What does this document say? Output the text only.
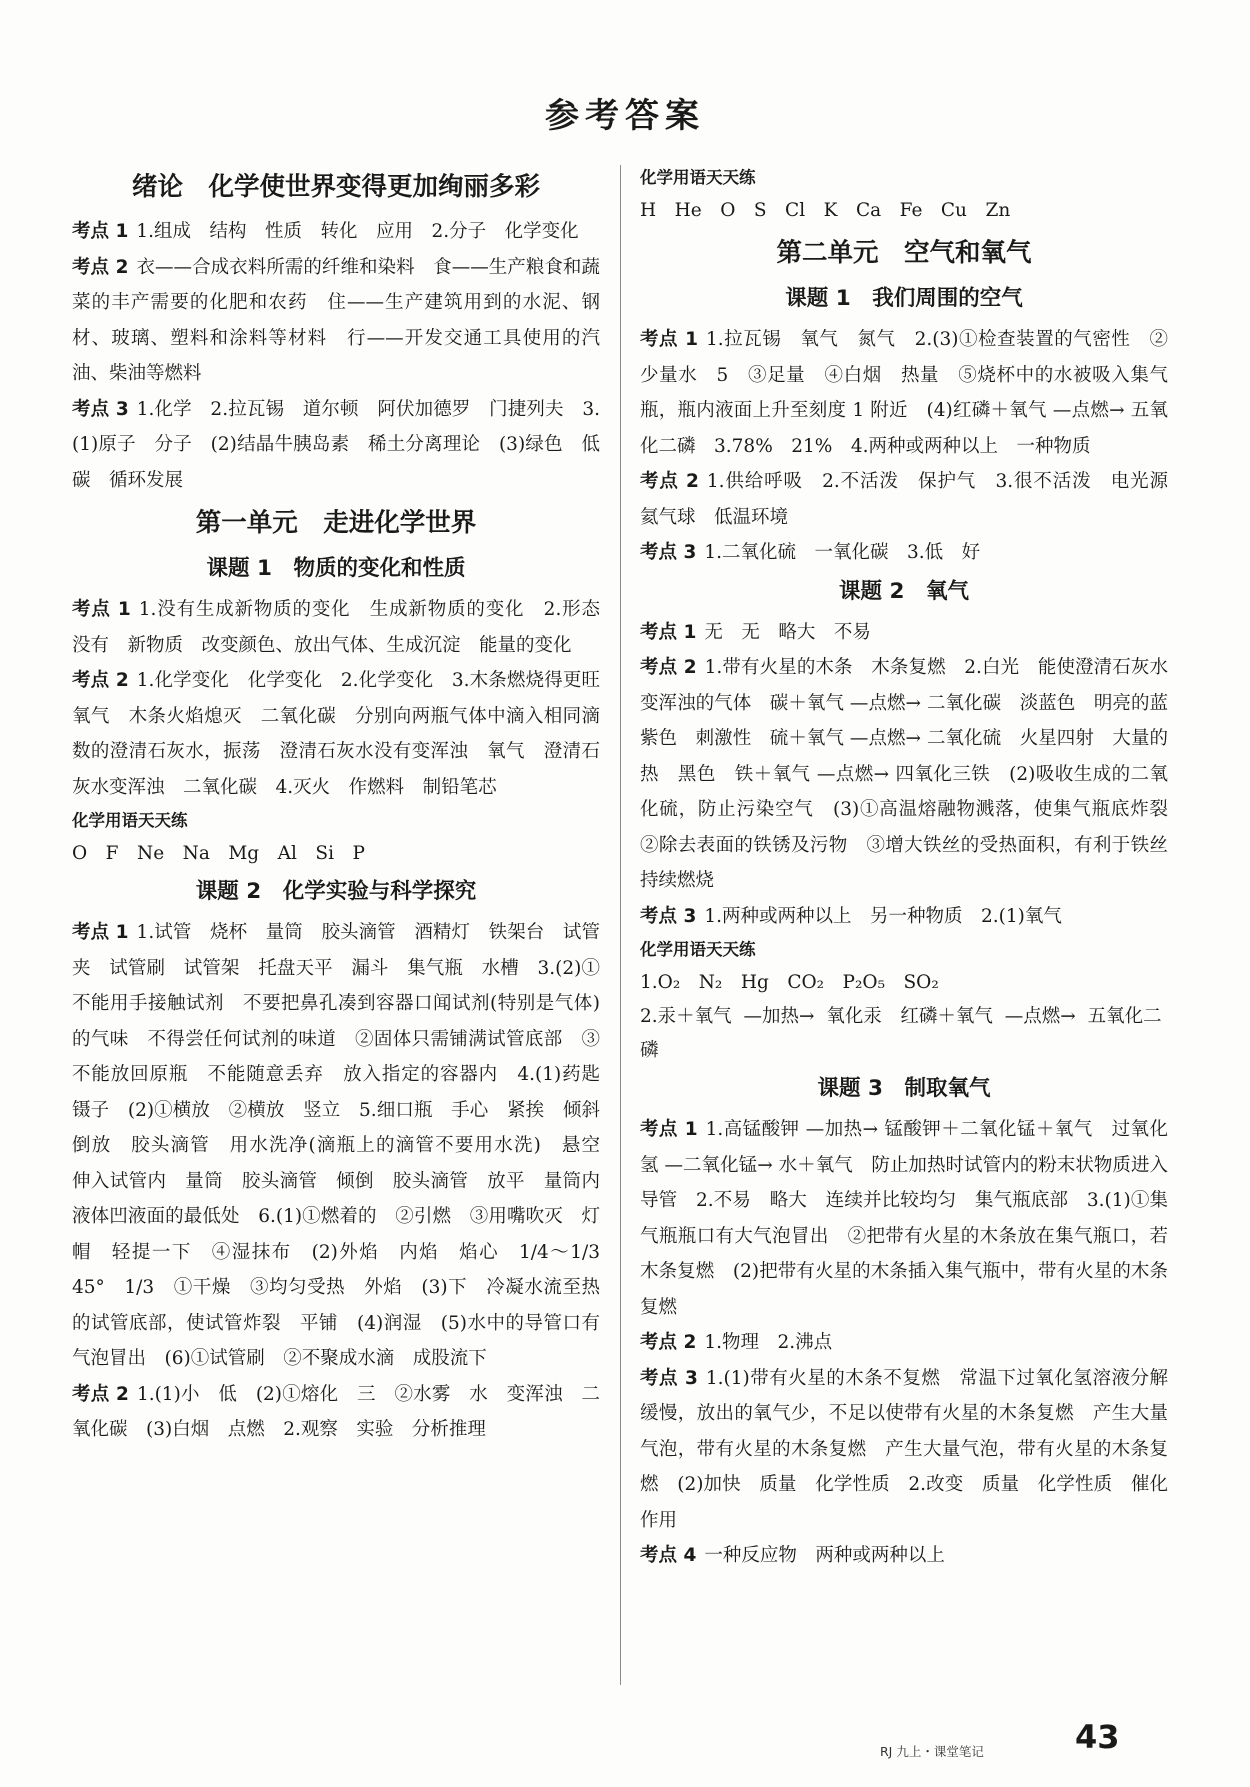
参考答案
绪论　化学使世界变得更加绚丽多彩

考点 1 1.组成　结构　性质　转化　应用　2.分子　化学变化

考点 2 衣——合成衣料所需的纤维和染料　食——生产粮食和蔬菜的丰产需要的化肥和农药　住——生产建筑用到的水泥、钢材、玻璃、塑料和涂料等材料　行——开发交通工具使用的汽油、柴油等燃料

考点 3 1.化学　2.拉瓦锡　道尔顿　阿伏加德罗　门捷列夫　3.(1)原子　分子　(2)结晶牛胰岛素　稀土分离理论　(3)绿色　低碳　循环发展

第一单元　走进化学世界
课题 1　物质的变化和性质

考点 1 1.没有生成新物质的变化　生成新物质的变化　2.形态　没有　新物质　改变颜色、放出气体、生成沉淀　能量的变化

考点 2 1.化学变化　化学变化　2.化学变化　3.木条燃烧得更旺　氧气　木条火焰熄灭　二氧化碳　分别向两瓶气体中滴入相同滴数的澄清石灰水，振荡　澄清石灰水没有变浑浊　氧气　澄清石灰水变浑浊　二氧化碳　4.灭火　作燃料　制铅笔芯

化学用语天天练

O　F　Ne　Na　Mg　Al　Si　P

课题 2　化学实验与科学探究

考点 1 1.试管　烧杯　量筒　胶头滴管　酒精灯　铁架台　试管夹　试管刷　试管架　托盘天平　漏斗　集气瓶　水槽　3.(2)①不能用手接触试剂　不要把鼻孔凑到容器口闻试剂(特别是气体)的气味　不得尝任何试剂的味道　②固体只需铺满试管底部　③不能放回原瓶　不能随意丢弃　放入指定的容器内　4.(1)药匙　镊子　(2)①横放　②横放　竖立　5.细口瓶　手心　紧挨　倾斜　倒放　胶头滴管　用水洗净(滴瓶上的滴管不要用水洗)　悬空　伸入试管内　量筒　胶头滴管　倾倒　胶头滴管　放平　量筒内液体凹液面的最低处　6.(1)①燃着的　②引燃　③用嘴吹灭　灯帽　轻提一下　④湿抹布　(2)外焰　内焰　焰心　1/4～1/3　45°　1/3　①干燥　③均匀受热　外焰　(3)下　冷凝水流至热的试管底部，使试管炸裂　平铺　(4)润湿　(5)水中的导管口有气泡冒出　(6)①试管刷　②不聚成水滴　成股流下

考点 2 1.(1)小　低　(2)①熔化　三　②水雾　水　变浑浊　二氧化碳　(3)白烟　点燃　2.观察　实验　分析推理

化学用语天天练

H　He　O　S　Cl　K　Ca　Fe　Cu　Zn

第二单元　空气和氧气
课题 1　我们周围的空气

考点 1 1.拉瓦锡　氧气　氮气　2.(3)①检查装置的气密性　②少量水　5　③足量　④白烟　热量　⑤烧杯中的水被吸入集气瓶，瓶内液面上升至刻度 1 附近　(4)红磷＋氧气 —点燃→ 五氧化二磷　3.78%　21%　4.两种或两种以上　一种物质

考点 2 1.供给呼吸　2.不活泼　保护气　3.很不活泼　电光源　氦气球　低温环境

考点 3 1.二氧化硫　一氧化碳　3.低　好

课题 2　氧气

考点 1 无　无　略大　不易

考点 2 1.带有火星的木条　木条复燃　2.白光　能使澄清石灰水变浑浊的气体　碳＋氧气 —点燃→ 二氧化碳　淡蓝色　明亮的蓝紫色　刺激性　硫＋氧气 —点燃→ 二氧化硫　火星四射　大量的热　黑色　铁＋氧气 —点燃→ 四氧化三铁　(2)吸收生成的二氧化硫，防止污染空气　(3)①高温熔融物溅落，使集气瓶底炸裂　②除去表面的铁锈及污物　③增大铁丝的受热面积，有利于铁丝持续燃烧

考点 3 1.两种或两种以上　另一种物质　2.(1)氧气

化学用语天天练

1.O₂　N₂　Hg　CO₂　P₂O₅　SO₂

2.汞＋氧气 —加热→ 氧化汞　红磷＋氧气 —点燃→ 五氧化二磷

课题 3　制取氧气

考点 1 1.高锰酸钾 —加热→ 锰酸钾＋二氧化锰＋氧气　过氧化氢 —二氧化锰→ 水＋氧气　防止加热时试管内的粉末状物质进入导管　2.不易　略大　连续并比较均匀　集气瓶底部　3.(1)①集气瓶瓶口有大气泡冒出　②把带有火星的木条放在集气瓶口，若木条复燃　(2)把带有火星的木条插入集气瓶中，带有火星的木条复燃

考点 2 1.物理　2.沸点

考点 3 1.(1)带有火星的木条不复燃　常温下过氧化氢溶液分解缓慢，放出的氧气少，不足以使带有火星的木条复燃　产生大量气泡，带有火星的木条复燃　产生大量气泡，带有火星的木条复燃　(2)加快　质量　化学性质　2.改变　质量　化学性质　催化作用

考点 4 一种反应物　两种或两种以上

RJ 九上・课堂笔记	43
